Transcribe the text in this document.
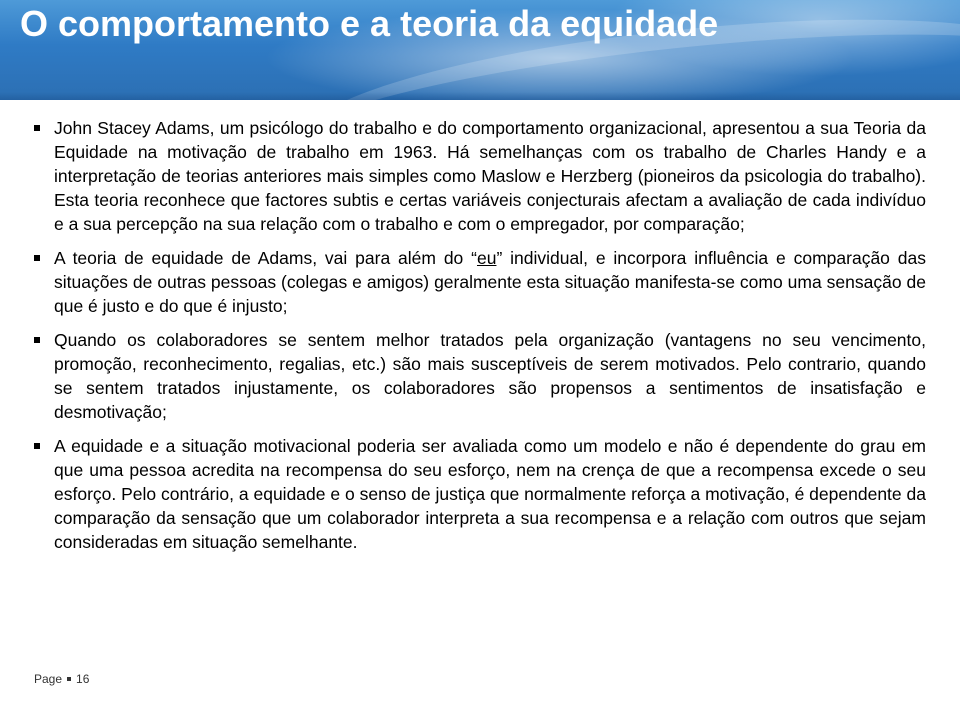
O comportamento e a teoria da equidade
John Stacey Adams, um psicólogo do trabalho e do comportamento organizacional, apresentou a sua Teoria da Equidade na motivação de trabalho em 1963. Há semelhanças com os trabalho de Charles Handy e a interpretação de teorias anteriores mais simples como Maslow e Herzberg (pioneiros da psicologia do trabalho). Esta teoria reconhece que factores subtis e certas variáveis conjecturais afectam a avaliação de cada indivíduo e a sua percepção na sua relação com o trabalho e com o empregador, por comparação;
A teoria de equidade de Adams, vai para além do “eu” individual, e incorpora influência e comparação das situações de outras pessoas (colegas e amigos) geralmente esta situação manifesta-se como uma sensação de que é justo e do que é injusto;
Quando os colaboradores se sentem melhor tratados pela organização (vantagens no seu vencimento, promoção, reconhecimento, regalias, etc.) são mais susceptíveis de serem motivados. Pelo contrario, quando se sentem tratados injustamente, os colaboradores são propensos a sentimentos de insatisfação e desmotivação;
A equidade e a situação motivacional poderia ser avaliada como um modelo e não é dependente do grau em que uma pessoa acredita na recompensa do seu esforço, nem na crença de que a recompensa excede o seu esforço. Pelo contrário, a equidade e o senso de justiça que normalmente reforça a motivação, é dependente da comparação da sensação que um colaborador interpreta a sua recompensa e a relação com outros que sejam consideradas em situação semelhante.
Page 16
